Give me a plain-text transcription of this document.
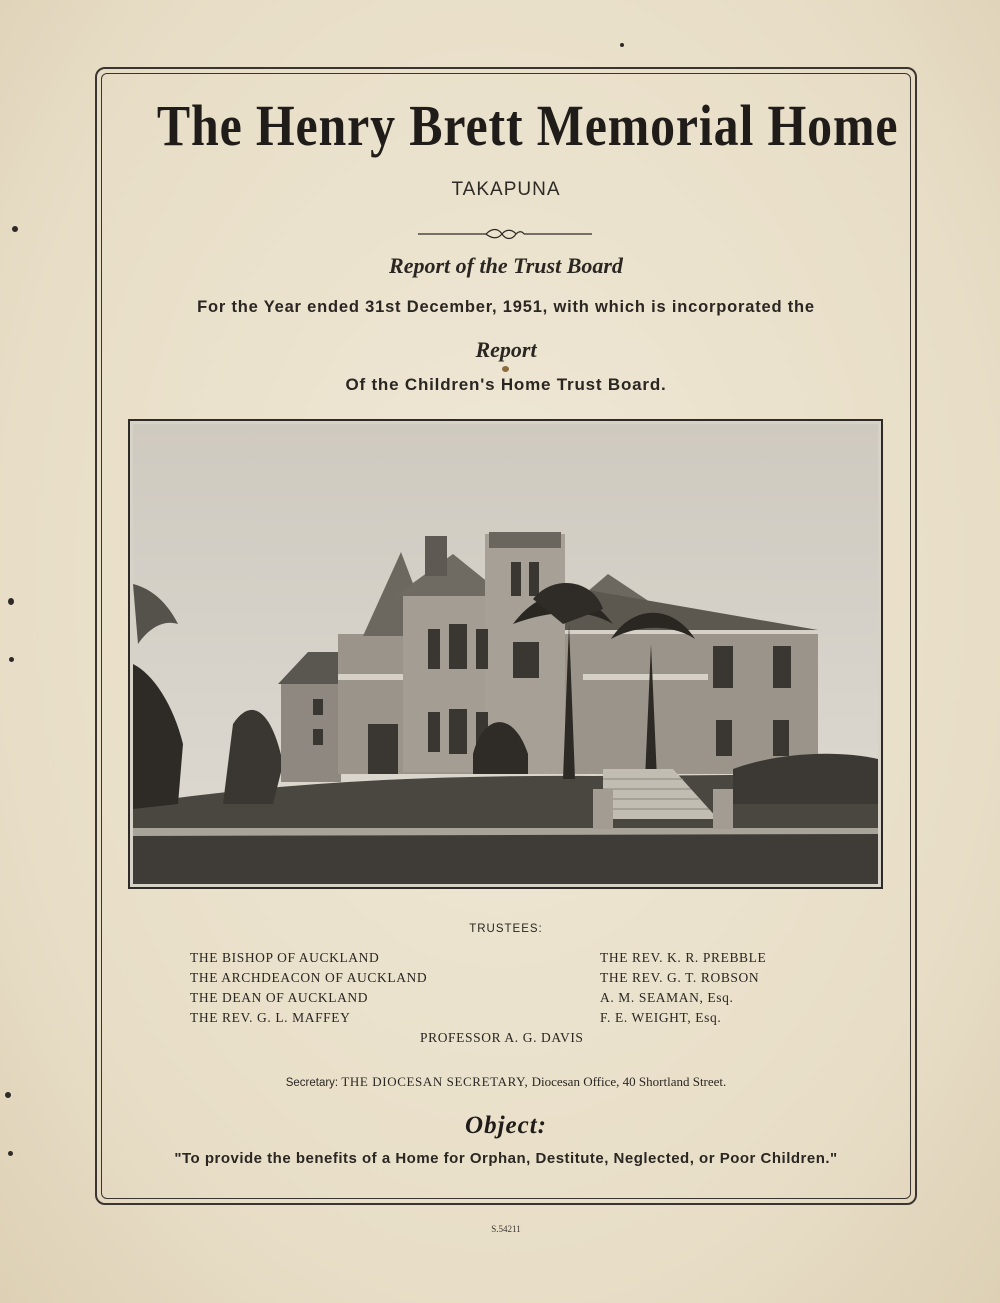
The Henry Brett Memorial Home
TAKAPUNA
Report of the Trust Board
For the Year ended 31st December, 1951, with which is incorporated the
Report
Of the Children's Home Trust Board.
TRUSTEES:
THE BISHOP OF AUCKLAND
THE ARCHDEACON OF AUCKLAND
THE DEAN OF AUCKLAND
THE REV. G. L. MAFFEY
THE REV. K. R. PREBBLE
THE REV. G. T. ROBSON
A. M. SEAMAN, Esq.
F. E. WEIGHT, Esq.
PROFESSOR A. G. DAVIS
Secretary: THE DIOCESAN SECRETARY, Diocesan Office, 40 Shortland Street.
Object:
"To provide the benefits of a Home for Orphan, Destitute, Neglected, or Poor Children."
S.54211
